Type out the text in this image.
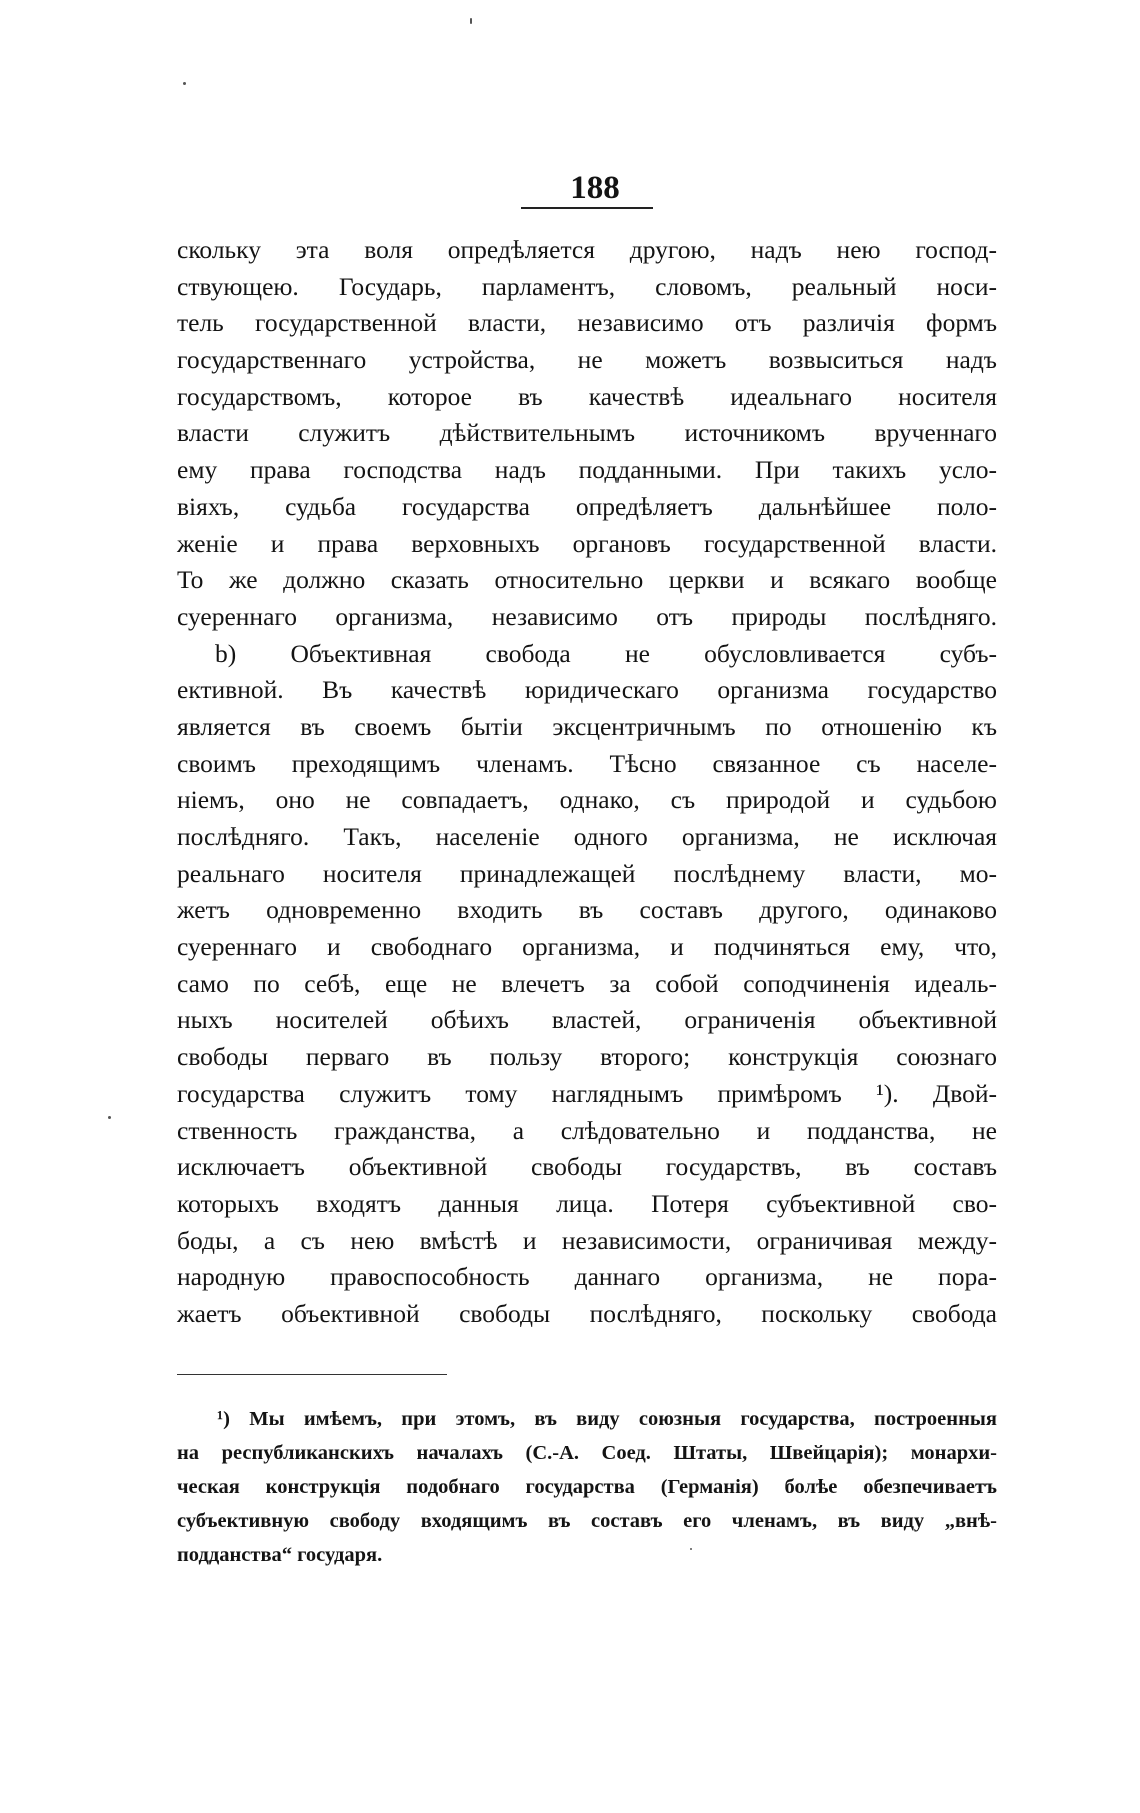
188
скольку эта воля опредѣляется другою, надъ нею господ-
ствующею. Государь, парламентъ, словомъ, реальный носи-
тель государственной власти, независимо отъ различія формъ
государственнаго устройства, не можетъ возвыситься надъ
государствомъ, которое въ качествѣ идеальнаго носителя
власти служитъ дѣйствительнымъ источникомъ врученнаго
ему права господства надъ подданными. При такихъ усло-
віяхъ, судьба государства опредѣляетъ дальнѣйшее поло-
женіе и права верховныхъ органовъ государственной власти.
То же должно сказать относительно церкви и всякаго вообще
суереннаго организма, независимо отъ природы послѣдняго.
b) Объективная свобода не обусловливается субъ-
ективной. Въ качествѣ юридическаго организма государство
является въ своемъ бытіи эксцентричнымъ по отношенію къ
своимъ преходящимъ членамъ. Тѣсно связанное съ населе-
ніемъ, оно не совпадаетъ, однако, съ природой и судьбою
послѣдняго. Такъ, населеніе одного организма, не исключая
реальнаго носителя принадлежащей послѣднему власти, мо-
жетъ одновременно входить въ составъ другого, одинаково
суереннаго и свободнаго организма, и подчиняться ему, что,
само по себѣ, еще не влечетъ за собой соподчиненія идеаль-
ныхъ носителей обѣихъ властей, ограниченія объективной
свободы перваго въ пользу второго; конструкція союзнаго
государства служитъ тому нагляднымъ примѣромъ ¹). Двой-
ственность гражданства, а слѣдовательно и подданства, не
исключаетъ объективной свободы государствъ, въ составъ
которыхъ входятъ данныя лица. Потеря субъективной сво-
боды, а съ нею вмѣстѣ и независимости, ограничивая между-
народную правоспособность даннаго организма, не пора-
жаетъ объективной свободы послѣдняго, поскольку свобода
¹) Мы имѣемъ, при этомъ, въ виду союзныя государства, построенныя
на республиканскихъ началахъ (С.-А. Соед. Штаты, Швейцарія); монархи-
ческая конструкція подобнаго государства (Германія) болѣе обезпечиваетъ
субъективную свободу входящимъ въ составъ его членамъ, въ виду „внѣ-
подданства“ государя.
